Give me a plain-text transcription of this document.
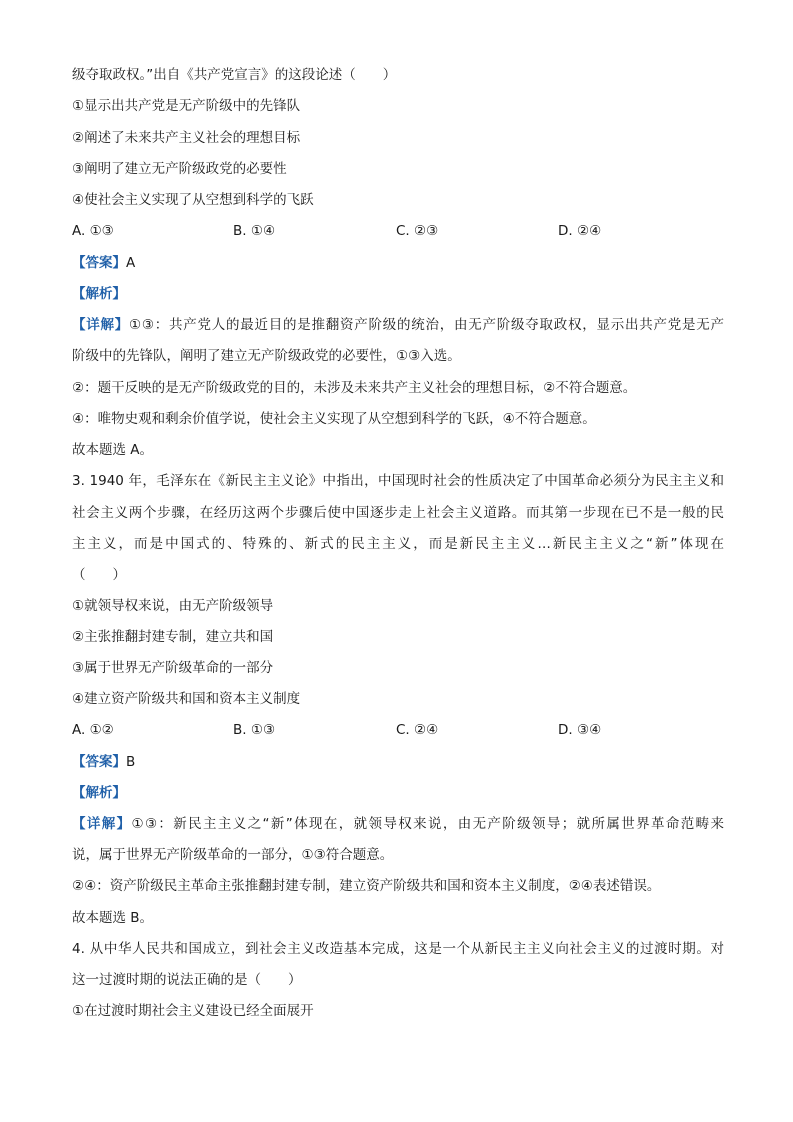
级夺取政权。”出自《共产党宣言》的这段论述（　　）
①显示出共产党是无产阶级中的先锋队
②阐述了未来共产主义社会的理想目标
③阐明了建立无产阶级政党的必要性
④使社会主义实现了从空想到科学的飞跃
A. ①③	B. ①④	C. ②③	D. ②④
【答案】A
【解析】
【详解】①③：共产党人的最近目的是推翻资产阶级的统治，由无产阶级夺取政权，显示出共产党是无产
阶级中的先锋队，阐明了建立无产阶级政党的必要性，①③入选。
②：题干反映的是无产阶级政党的目的，未涉及未来共产主义社会的理想目标，②不符合题意。
④：唯物史观和剩余价值学说，使社会主义实现了从空想到科学的飞跃，④不符合题意。
故本题选 A。
3. 1940 年，毛泽东在《新民主主义论》中指出，中国现时社会的性质决定了中国革命必须分为民主主义和
社会主义两个步骤，在经历这两个步骤后使中国逐步走上社会主义道路。而其第一步现在已不是一般的民
主主义，而是中国式的、特殊的、新式的民主主义，而是新民主主义…新民主主义之“新”体现在
（　　）
①就领导权来说，由无产阶级领导
②主张推翻封建专制，建立共和国
③属于世界无产阶级革命的一部分
④建立资产阶级共和国和资本主义制度
A. ①②	B. ①③	C. ②④	D. ③④
【答案】B
【解析】
【详解】①③：新民主主义之“新”体现在，就领导权来说，由无产阶级领导；就所属世界革命范畴来
说，属于世界无产阶级革命的一部分，①③符合题意。
②④：资产阶级民主革命主张推翻封建专制，建立资产阶级共和国和资本主义制度，②④表述错误。
故本题选 B。
4. 从中华人民共和国成立，到社会主义改造基本完成，这是一个从新民主主义向社会主义的过渡时期。对
这一过渡时期的说法正确的是（　　）
①在过渡时期社会主义建设已经全面展开
